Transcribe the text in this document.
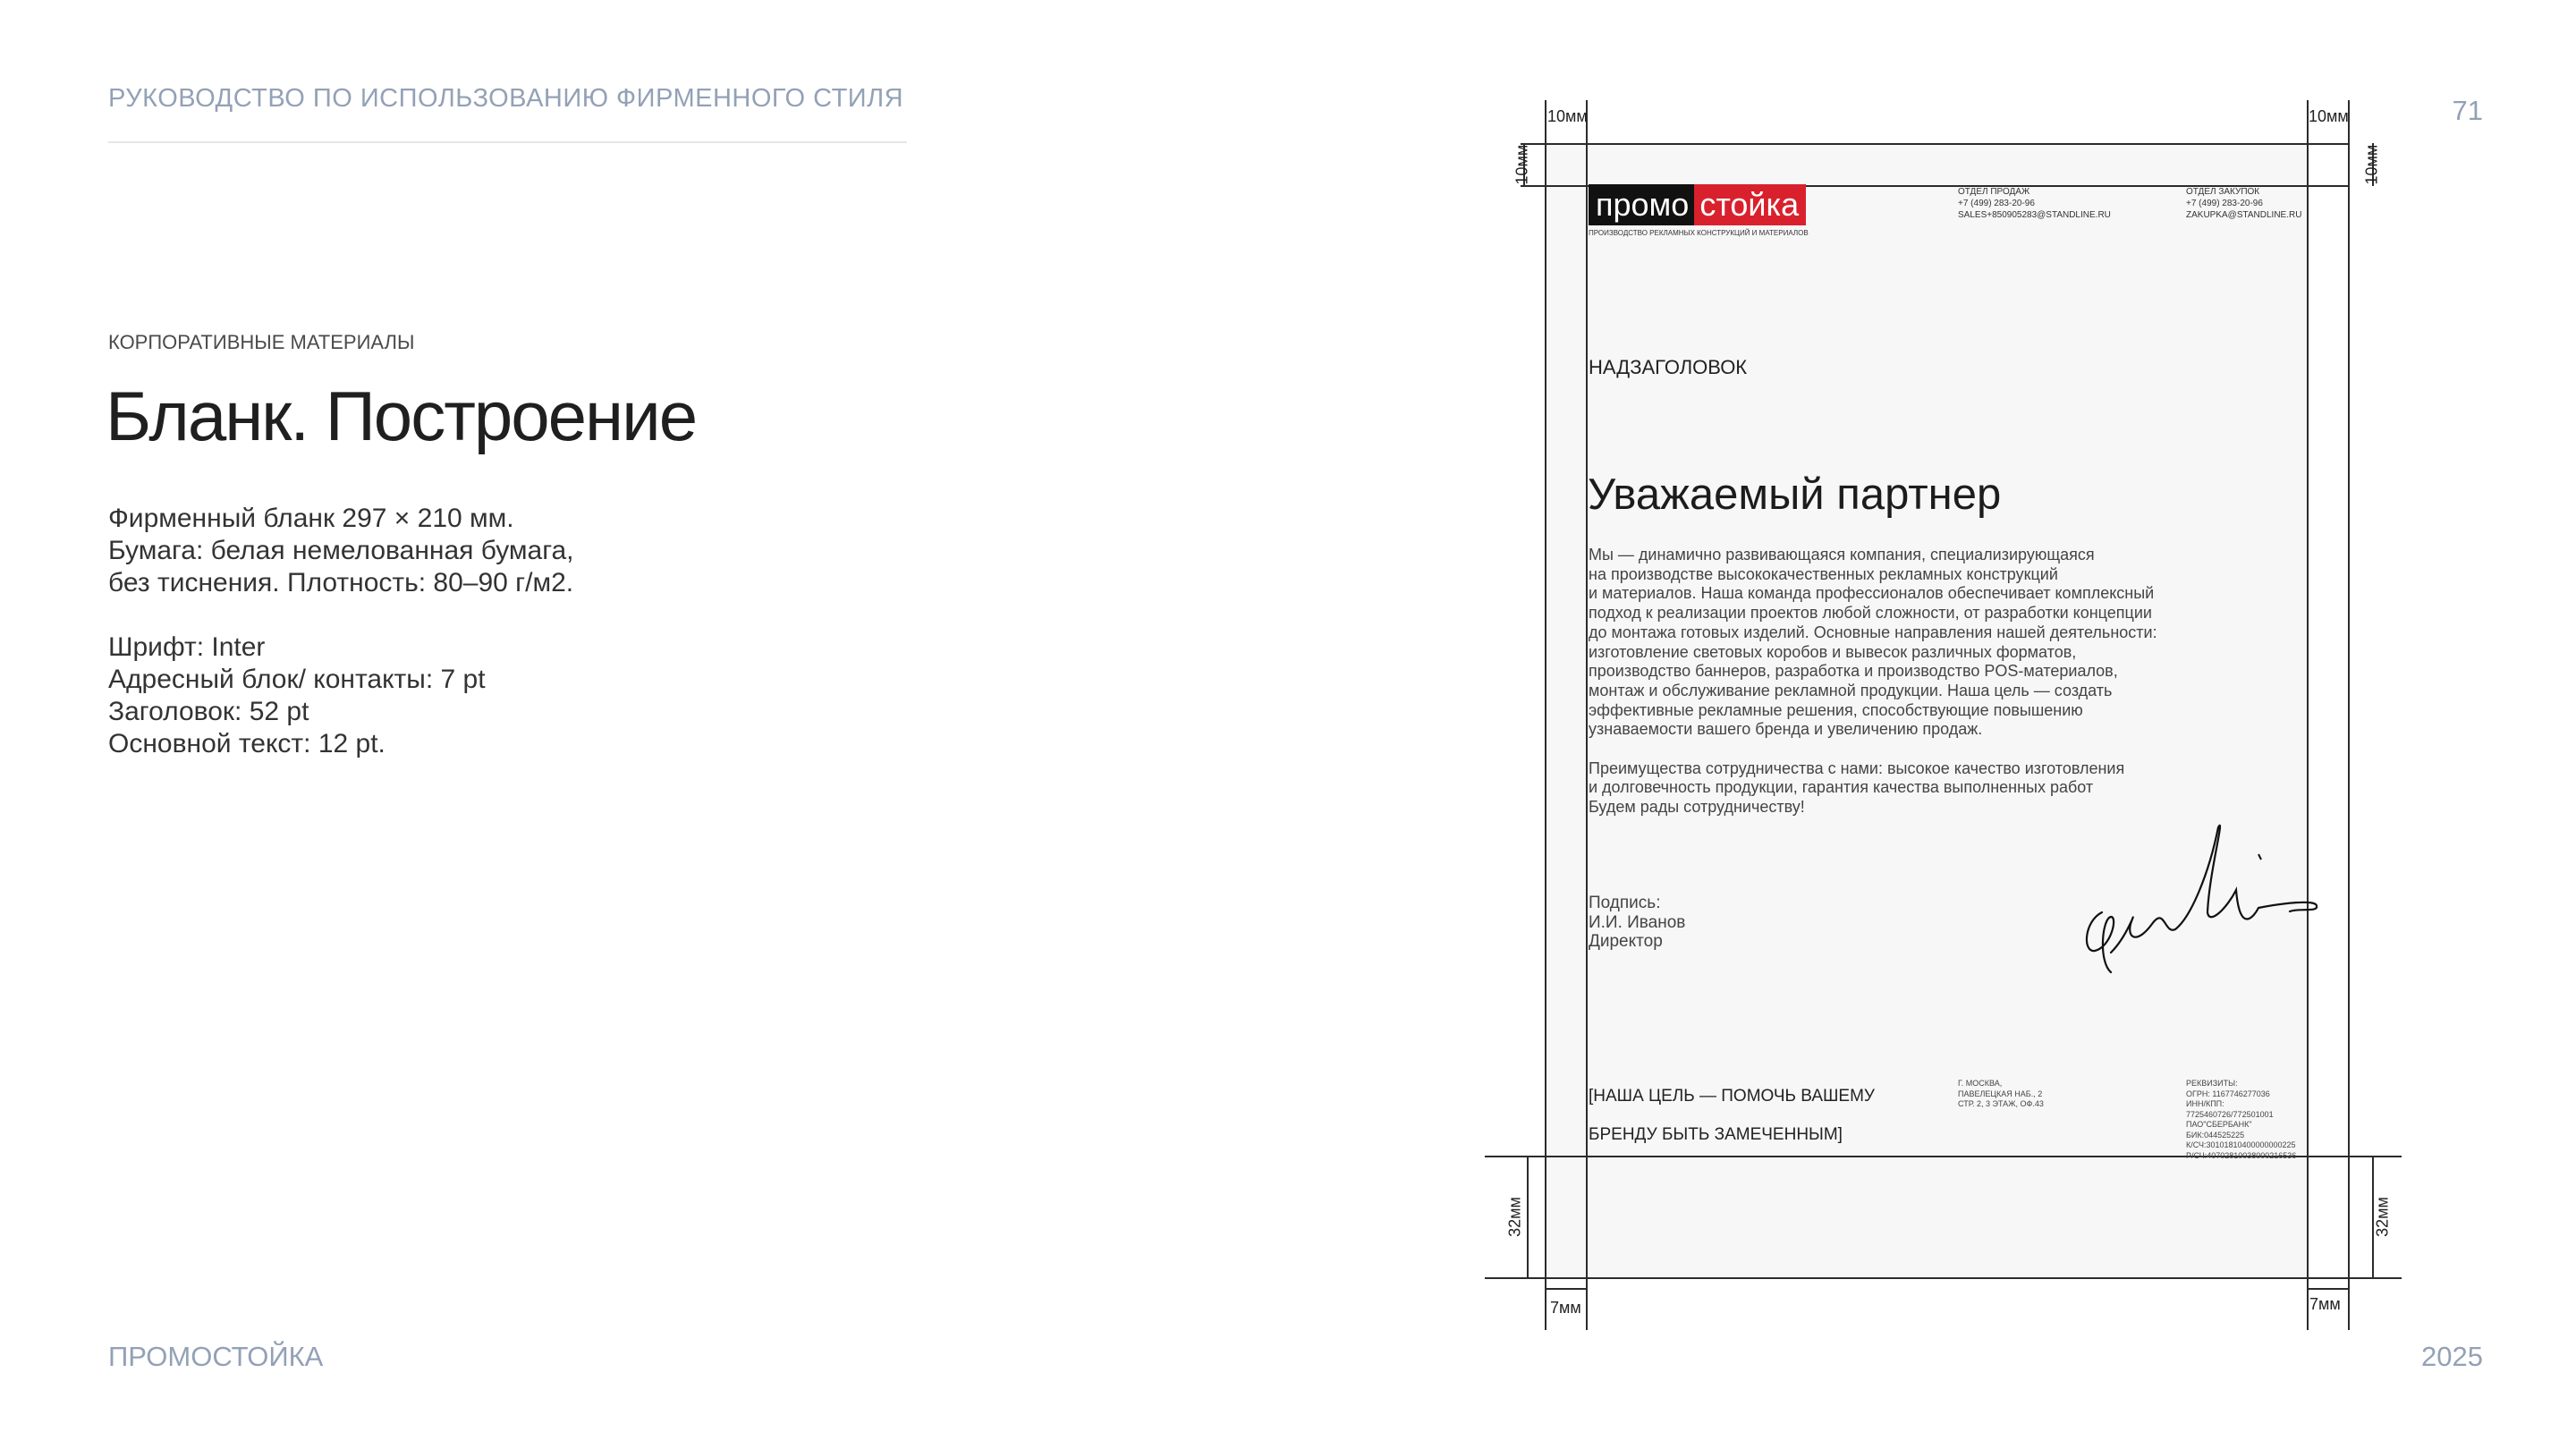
РУКОВОДСТВО ПО ИСПОЛЬЗОВАНИЮ ФИРМЕННОГО СТИЛЯ	71
КОРПОРАТИВНЫЕ МАТЕРИАЛЫ
Бланк. Построение
Фирменный бланк 297 × 210 мм.
Бумага: белая немелованная бумага,
без тиснения. Плотность: 80–90 г/м2.
Шрифт: Inter
Адресный блок/ контакты: 7 pt
Заголовок: 52 pt
Основной текст: 12 pt.
ПРОМОСТОЙКА	2025
10мм	10мм
10мм	10мм
32мм	32мм
7мм	7мм
промо стойка
ПРОИЗВОДСТВО РЕКЛАМНЫХ КОНСТРУКЦИЙ И МАТЕРИАЛОВ
ОТДЕЛ ПРОДАЖ
+7 (499) 283-20-96
SALES+850905283@STANDLINE.RU
ОТДЕЛ ЗАКУПОК
+7 (499) 283-20-96
ZAKUPKA@STANDLINE.RU
НАДЗАГОЛОВОК
Уважаемый партнер
Мы — динамично развивающаяся компания, специализирующаяся
на производстве высококачественных рекламных конструкций
и материалов. Наша команда профессионалов обеспечивает комплексный
подход к реализации проектов любой сложности, от разработки концепции
до монтажа готовых изделий. Основные направления нашей деятельности:
изготовление световых коробов и вывесок различных форматов,
производство баннеров, разработка и производство POS-материалов,
монтаж и обслуживание рекламной продукции. Наша цель — создать
эффективные рекламные решения, способствующие повышению
узнаваемости вашего бренда и увеличению продаж.
Преимущества сотрудничества с нами: высокое качество изготовления
и долговечность продукции, гарантия качества выполненных работ
Будем рады сотрудничеству!
Подпись:
И.И. Иванов
Директор
[НАША ЦЕЛЬ — ПОМОЧЬ ВАШЕМУ
БРЕНДУ БЫТЬ ЗАМЕЧЕННЫМ]
Г. МОСКВА,
ПАВЕЛЕЦКАЯ НАБ., 2
СТР. 2, 3 ЭТАЖ, ОФ.43
РЕКВИЗИТЫ:
ОГРН: 1167746277036
ИНН/КПП:
7725460726/772501001
ПАО"СБЕРБАНК"
БИК:044525225
К/СЧ:30101810400000000225
Р/СЧ:40702810038000216536
